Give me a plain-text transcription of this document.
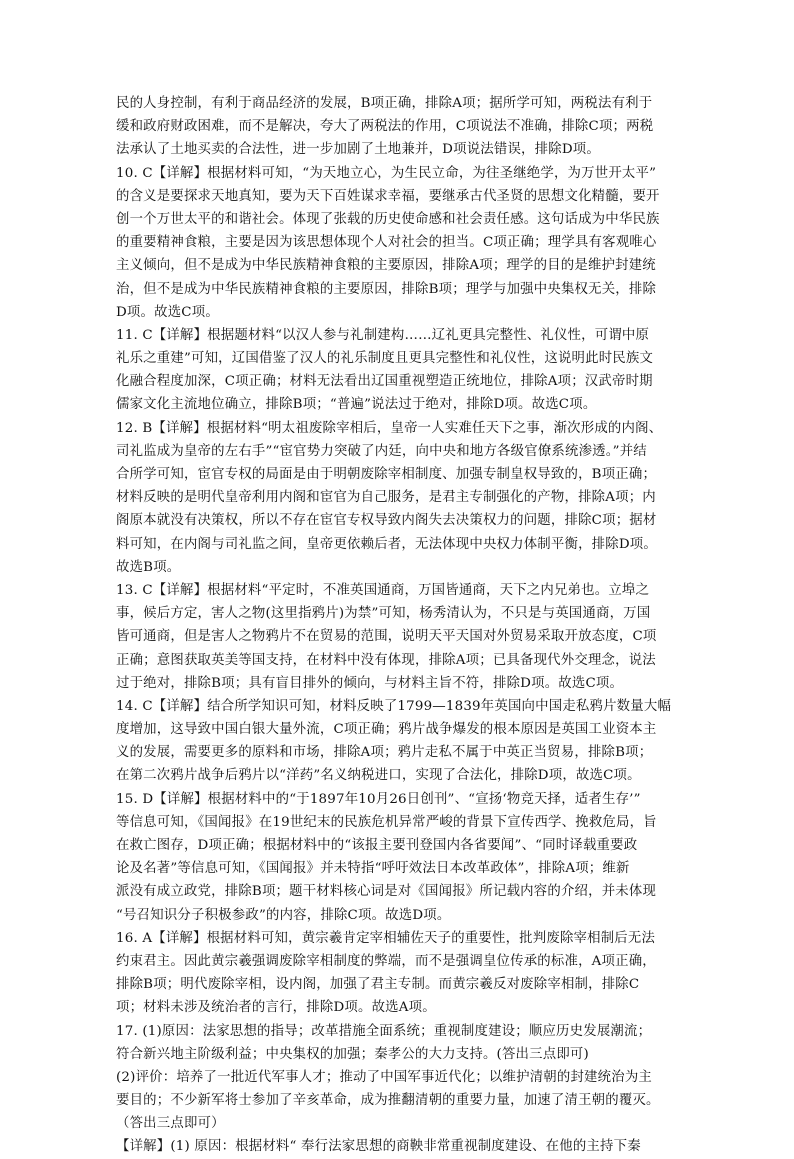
民的人身控制，有利于商品经济的发展，B项正确，排除A项；据所学可知，两税法有利于
缓和政府财政困难，而不是解决，夸大了两税法的作用，C项说法不准确，排除C项；两税
法承认了土地买卖的合法性，进一步加剧了土地兼并，D项说法错误，排除D项。
10. C【详解】根据材料可知，“为天地立心，为生民立命，为往圣继绝学，为万世开太平”
的含义是要探求天地真知，要为天下百姓谋求幸福，要继承古代圣贤的思想文化精髓，要开
创一个万世太平的和谐社会。体现了张载的历史使命感和社会责任感。这句话成为中华民族
的重要精神食粮，主要是因为该思想体现个人对社会的担当。C项正确；理学具有客观唯心
主义倾向，但不是成为中华民族精神食粮的主要原因，排除A项；理学的目的是维护封建统
治，但不是成为中华民族精神食粮的主要原因，排除B项；理学与加强中央集权无关，排除
D项。故选C项。
11. C【详解】根据题材料“以汉人参与礼制建构……辽礼更具完整性、礼仪性，可谓中原
礼乐之重建”可知，辽国借鉴了汉人的礼乐制度且更具完整性和礼仪性，这说明此时民族文
化融合程度加深，C项正确；材料无法看出辽国重视塑造正统地位，排除A项；汉武帝时期
儒家文化主流地位确立，排除B项；“普遍”说法过于绝对，排除D项。故选C项。
12. B【详解】根据材料“明太祖废除宰相后，皇帝一人实难任天下之事，渐次形成的内阁、
司礼监成为皇帝的左右手”“宦官势力突破了内廷，向中央和地方各级官僚系统渗透。”并结
合所学可知，宦官专权的局面是由于明朝废除宰相制度、加强专制皇权导致的，B项正确；
材料反映的是明代皇帝利用内阁和宦官为自己服务，是君主专制强化的产物，排除A项；内
阁原本就没有决策权，所以不存在宦官专权导致内阁失去决策权力的问题，排除C项；据材
料可知，在内阁与司礼监之间，皇帝更依赖后者，无法体现中央权力体制平衡，排除D项。
故选B项。
13. C【详解】根据材料“平定时，不准英国通商，万国皆通商，天下之内兄弟也。立埠之
事，候后方定，害人之物(这里指鸦片)为禁”可知，杨秀清认为，不只是与英国通商，万国
皆可通商，但是害人之物鸦片不在贸易的范围，说明天平天国对外贸易采取开放态度，C项
正确；意图获取英美等国支持，在材料中没有体现，排除A项；已具备现代外交理念，说法
过于绝对，排除B项；具有盲目排外的倾向，与材料主旨不符，排除D项。故选C项。
14. C【详解】结合所学知识可知，材料反映了1799—1839年英国向中国走私鸦片数量大幅
度增加，这导致中国白银大量外流，C项正确；鸦片战争爆发的根本原因是英国工业资本主
义的发展，需要更多的原料和市场，排除A项；鸦片走私不属于中英正当贸易，排除B项；
在第二次鸦片战争后鸦片以“洋药”名义纳税进口，实现了合法化，排除D项，故选C项。
15. D【详解】根据材料中的“于1897年10月26日创刊”、“宣扬‘物竞天择，适者生存’”
等信息可知，《国闻报》在19世纪末的民族危机异常严峻的背景下宣传西学、挽救危局，旨
在救亡图存，D项正确；根据材料中的“该报主要刊登国内各省要闻”、“同时译载重要政
论及名著”等信息可知，《国闻报》并未特指“呼吁效法日本改革政体”，排除A项；维新
派没有成立政党，排除B项；题干材料核心词是对《国闻报》所记载内容的介绍，并未体现
“号召知识分子积极参政”的内容，排除C项。故选D项。
16. A【详解】根据材料可知，黄宗羲肯定宰相辅佐天子的重要性，批判废除宰相制后无法
约束君主。因此黄宗羲强调废除宰相制度的弊端，而不是强调皇位传承的标准，A项正确，
排除B项；明代废除宰相，设内阁，加强了君主专制。而黄宗羲反对废除宰相制，排除C
项；材料未涉及统治者的言行，排除D项。故选A项。
17. (1)原因：法家思想的指导；改革措施全面系统；重视制度建设；顺应历史发展潮流；
符合新兴地主阶级利益；中央集权的加强；秦孝公的大力支持。(答出三点即可)
(2)评价：培养了一批近代军事人才；推动了中国军事近代化；以维护清朝的封建统治为主
要目的；不少新军将士参加了辛亥革命，成为推翻清朝的重要力量，加速了清王朝的覆灭。
（答出三点即可）
【详解】(1) 原因：根据材料“ 奉行法家思想的商鞅非常重视制度建设、在他的主持下秦
